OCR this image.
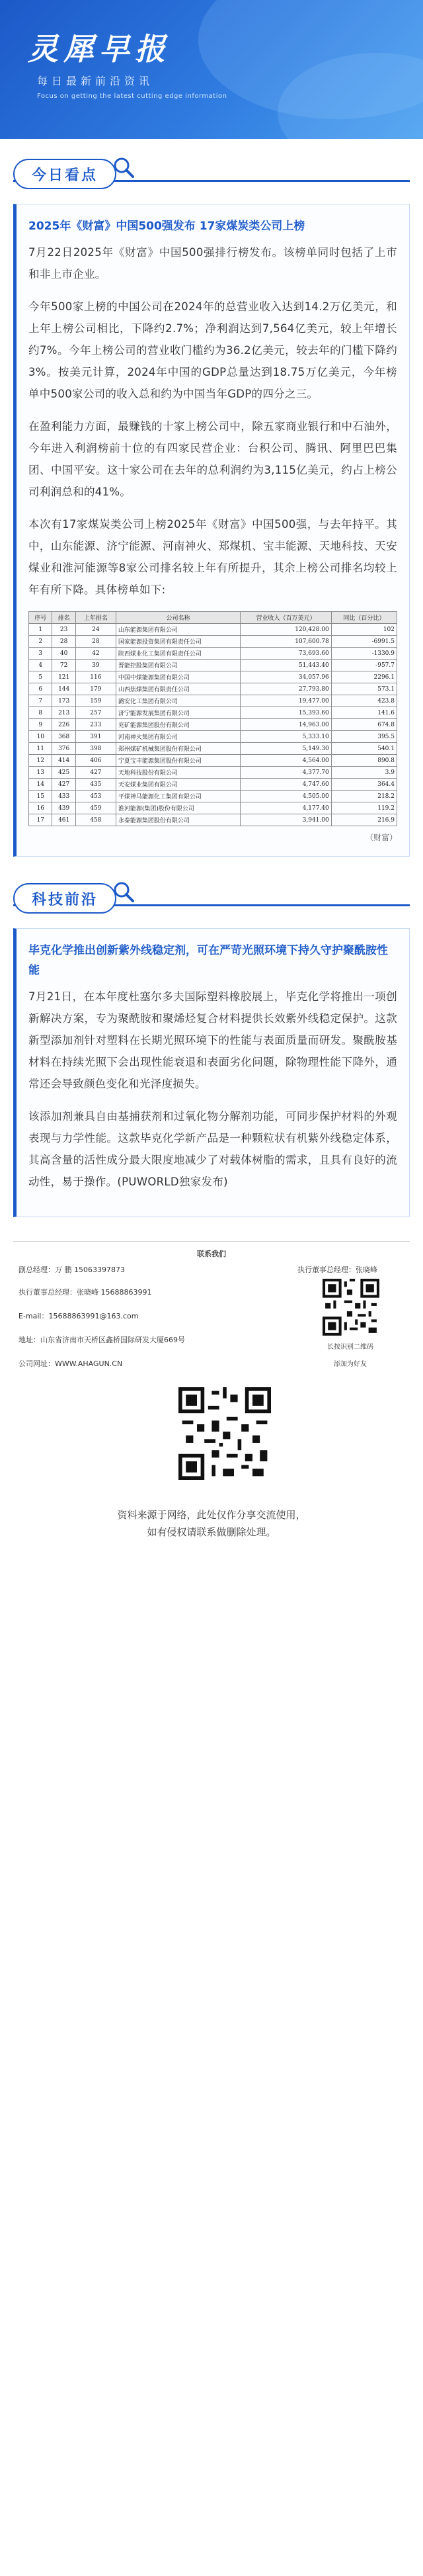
灵犀早报
每日最新前沿资讯
Focus on getting the latest cutting edge information
今日看点
2025年《财富》中国500强发布 17家煤炭类公司上榜

7月22日2025年《财富》中国500强排行榜发布。该榜单同时包括了上市和非上市企业。

今年500家上榜的中国公司在2024年的总营业收入达到14.2万亿美元，和上年上榜公司相比，下降约2.7%；净利润达到7,564亿美元，较上年增长约7%。今年上榜公司的营业收门槛约为36.2亿美元，较去年的门槛下降约3%。按美元计算，2024年中国的GDP总量达到18.75万亿美元，今年榜单中500家公司的收入总和约为中国当年GDP的四分之三。

在盈利能力方面，最赚钱的十家上榜公司中，除五家商业银行和中石油外，今年进入利润榜前十位的有四家民营企业：台积公司、腾讯、阿里巴巴集团、中国平安。这十家公司在去年的总利润约为3,115亿美元，约占上榜公司利润总和的41%。

本次有17家煤炭类公司上榜2025年《财富》中国500强，与去年持平。其中，山东能源、济宁能源、河南神火、郑煤机、宝丰能源、天地科技、天安煤业和淮河能源等8家公司排名较上年有所提升，其余上榜公司排名均较上年有所下降。具体榜单如下:

序号	排名	上年排名	公司名称	营业收入（百万美元）	同比（百分比）
1	23	24	山东能源集团有限公司	120,428.00	102
2	28	28	国家能源投资集团有限责任公司	107,600.78	-6991.5
3	40	42	陕西煤业化工集团有限责任公司	73,693.60	-1330.9
4	72	39	晋能控股集团有限公司	51,443.40	-957.7
5	121	116	中国中煤能源集团有限公司	34,057.96	2296.1
6	144	179	山西焦煤集团有限责任公司	27,793.80	573.1
7	173	159	潞安化工集团有限公司	19,477.00	423.8
8	213	257	济宁能源发展集团有限公司	15,393.60	141.6
9	226	233	兖矿能源集团股份有限公司	14,963.00	674.8
10	368	391	河南神火集团有限公司	5,333.10	395.5
11	376	398	郑州煤矿机械集团股份有限公司	5,149.30	540.1
12	414	406	宁夏宝丰能源集团股份有限公司	4,564.00	890.8
13	425	427	天地科技股份有限公司	4,377.70	3.9
14	427	435	天安煤业集团有限公司	4,747.60	364.4
15	433	453	平煤神马能源化工集团有限公司	4,505.00	218.2
16	439	459	淮河能源(集团)股份有限公司	4,177.40	119.2
17	461	458	永泰能源集团股份有限公司	3,941.00	216.9
（财富）
科技前沿
毕克化学推出创新紫外线稳定剂，可在严苛光照环境下持久守护聚酰胺性能

7月21日，在本年度杜塞尔多夫国际塑料橡胶展上，毕克化学将推出一项创新解决方案，专为聚酰胺和聚烯烃复合材料提供长效紫外线稳定保护。这款新型添加剂针对塑料在长期光照环境下的性能与表面质量而研发。聚酰胺基材料在持续光照下会出现性能衰退和表面劣化问题，除物理性能下降外，通常还会导致颜色变化和光泽度损失。

该添加剂兼具自由基捕获剂和过氧化物分解剂功能，可同步保护材料的外观表现与力学性能。这款毕克化学新产品是一种颗粒状有机紫外线稳定体系，其高含量的活性成分最大限度地减少了对载体树脂的需求，且具有良好的流动性，易于操作。(PUWORLD独家发布)

联系我们
副总经理：万 鹏 15063397873
执行董事总经理：张晓峰 15688863991
E-mail：15688863991@163.com
地址：山东省济南市天桥区鑫桥国际研发大厦669号
公司网址：WWW.AHAGUN.CN
执行董事总经理：张晓峰
长按识别二维码
添加为好友
资料来源于网络，此处仅作分享交流使用，
如有侵权请联系做删除处理。
